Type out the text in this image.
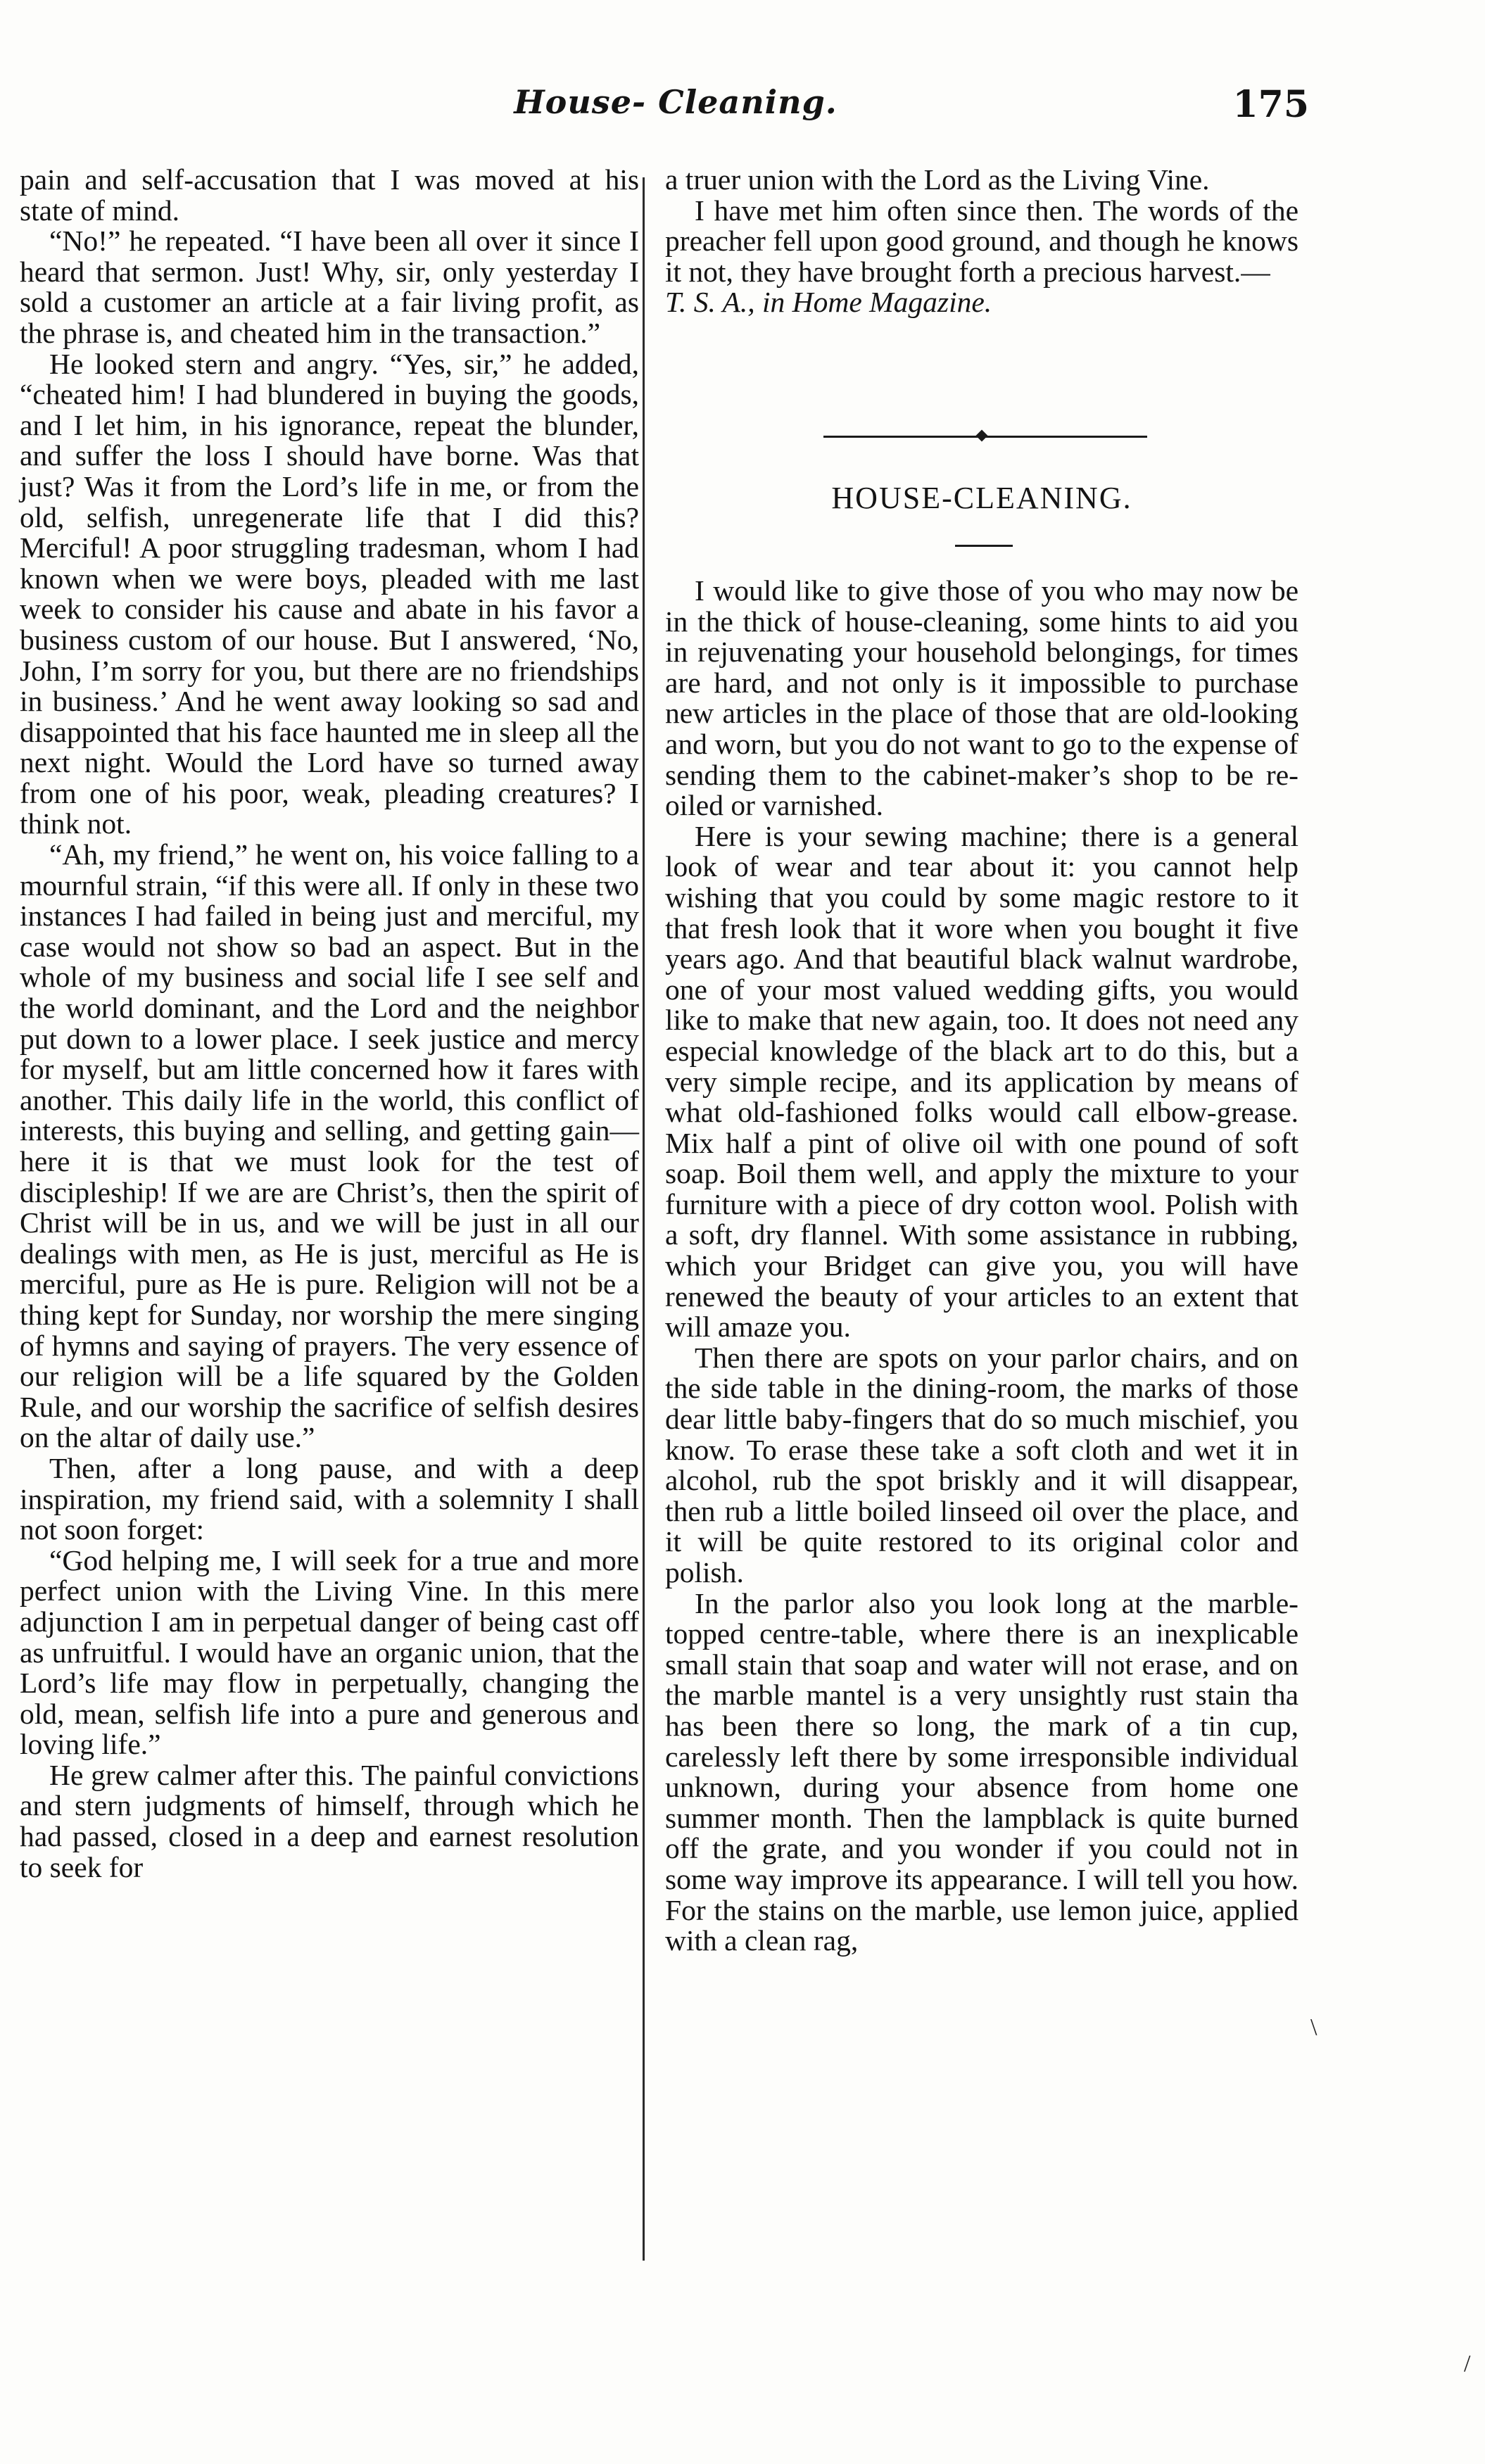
House- Cleaning.	175

pain and self-accusation that I was moved at his state of mind.

“No!” he repeated. “I have been all over it since I heard that sermon. Just! Why, sir, only yesterday I sold a customer an article at a fair living profit, as the phrase is, and cheated him in the transaction.”

He looked stern and angry. “Yes, sir,” he added, “cheated him! I had blundered in buying the goods, and I let him, in his ignorance, repeat the blunder, and suffer the loss I should have borne. Was that just? Was it from the Lord’s life in me, or from the old, selfish, unregenerate life that I did this? Merciful! A poor struggling tradesman, whom I had known when we were boys, pleaded with me last week to consider his cause and abate in his favor a business custom of our house. But I answered, ‘No, John, I’m sorry for you, but there are no friendships in business.’ And he went away looking so sad and disappointed that his face haunted me in sleep all the next night. Would the Lord have so turned away from one of his poor, weak, pleading creatures? I think not.

“Ah, my friend,” he went on, his voice falling to a mournful strain, “if this were all. If only in these two instances I had failed in being just and merciful, my case would not show so bad an aspect. But in the whole of my business and social life I see self and the world dominant, and the Lord and the neighbor put down to a lower place. I seek justice and mercy for myself, but am little concerned how it fares with another. This daily life in the world, this conflict of interests, this buying and selling, and getting gain—here it is that we must look for the test of discipleship! If we are are Christ’s, then the spirit of Christ will be in us, and we will be just in all our dealings with men, as He is just, merciful as He is merciful, pure as He is pure. Religion will not be a thing kept for Sunday, nor worship the mere singing of hymns and saying of prayers. The very essence of our religion will be a life squared by the Golden Rule, and our worship the sacrifice of selfish desires on the altar of daily use.”

Then, after a long pause, and with a deep inspiration, my friend said, with a solemnity I shall not soon forget:

“God helping me, I will seek for a true and more perfect union with the Living Vine. In this mere adjunction I am in perpetual danger of being cast off as unfruitful. I would have an organic union, that the Lord’s life may flow in perpetually, changing the old, mean, selfish life into a pure and generous and loving life.”

He grew calmer after this. The painful convictions and stern judgments of himself, through which he had passed, closed in a deep and earnest resolution to seek for

a truer union with the Lord as the Living Vine.

I have met him often since then. The words of the preacher fell upon good ground, and though he knows it not, they have brought forth a precious harvest.—

T. S. A., in Home Magazine.

HOUSE-CLEANING.

I would like to give those of you who may now be in the thick of house-cleaning, some hints to aid you in rejuvenating your household belongings, for times are hard, and not only is it impossible to purchase new articles in the place of those that are old-looking and worn, but you do not want to go to the expense of sending them to the cabinet-maker’s shop to be re-oiled or varnished.

Here is your sewing machine; there is a general look of wear and tear about it: you cannot help wishing that you could by some magic restore to it that fresh look that it wore when you bought it five years ago. And that beautiful black walnut wardrobe, one of your most valued wedding gifts, you would like to make that new again, too. It does not need any especial knowledge of the black art to do this, but a very simple recipe, and its application by means of what old-fashioned folks would call elbow-grease. Mix half a pint of olive oil with one pound of soft soap. Boil them well, and apply the mixture to your furniture with a piece of dry cotton wool. Polish with a soft, dry flannel. With some assistance in rubbing, which your Bridget can give you, you will have renewed the beauty of your articles to an extent that will amaze you.

Then there are spots on your parlor chairs, and on the side table in the dining-room, the marks of those dear little baby-fingers that do so much mischief, you know. To erase these take a soft cloth and wet it in alcohol, rub the spot briskly and it will disappear, then rub a little boiled linseed oil over the place, and it will be quite restored to its original color and polish.

In the parlor also you look long at the marble-topped centre-table, where there is an inexplicable small stain that soap and water will not erase, and on the marble mantel is a very unsightly rust stain tha has been there so long, the mark of a tin cup, carelessly left there by some irresponsible individual unknown, during your absence from home one summer month. Then the lampblack is quite burned off the grate, and you wonder if you could not in some way improve its appearance. I will tell you how. For the stains on the marble, use lemon juice, applied with a clean rag,

\
/
